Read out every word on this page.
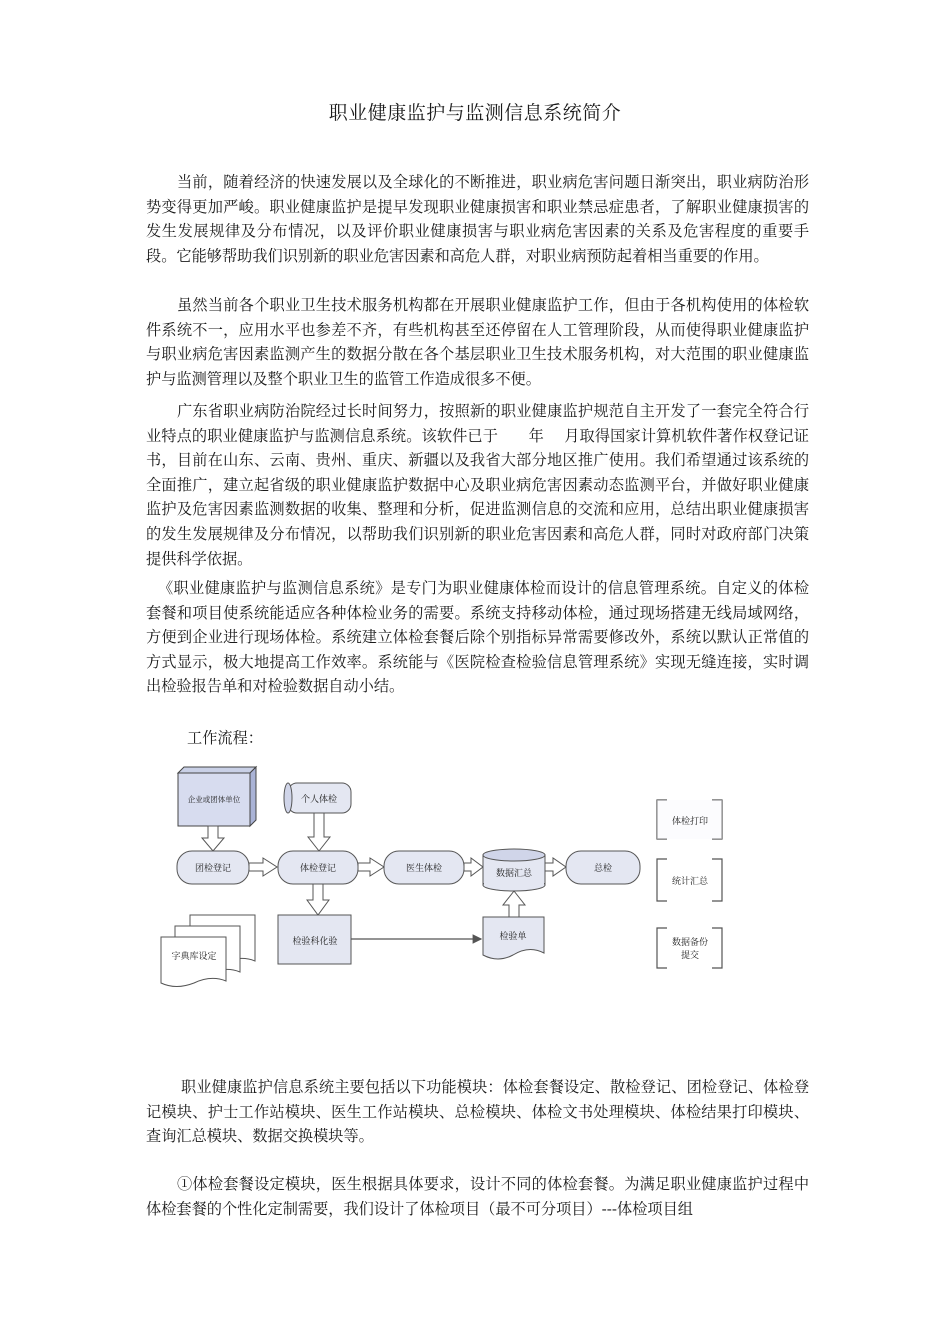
职业健康监护与监测信息系统简介

当前，随着经济的快速发展以及全球化的不断推进，职业病危害问题日渐突出，职业病防治形势变得更加严峻。职业健康监护是提早发现职业健康损害和职业禁忌症患者，了解职业健康损害的发生发展规律及分布情况，以及评价职业健康损害与职业病危害因素的关系及危害程度的重要手段。它能够帮助我们识别新的职业危害因素和高危人群，对职业病预防起着相当重要的作用。

虽然当前各个职业卫生技术服务机构都在开展职业健康监护工作，但由于各机构使用的体检软件系统不一，应用水平也参差不齐，有些机构甚至还停留在人工管理阶段，从而使得职业健康监护与职业病危害因素监测产生的数据分散在各个基层职业卫生技术服务机构，对大范围的职业健康监护与监测管理以及整个职业卫生的监管工作造成很多不便。

广东省职业病防治院经过长时间努力，按照新的职业健康监护规范自主开发了一套完全符合行业特点的职业健康监护与监测信息系统。该软件已于　　年　 月取得国家计算机软件著作权登记证书，目前在山东、云南、贵州、重庆、新疆以及我省大部分地区推广使用。我们希望通过该系统的全面推广，建立起省级的职业健康监护数据中心及职业病危害因素动态监测平台，并做好职业健康监护及危害因素监测数据的收集、整理和分析，促进监测信息的交流和应用，总结出职业健康损害的发生发展规律及分布情况，以帮助我们识别新的职业危害因素和高危人群，同时对政府部门决策提供科学依据。

《职业健康监护与监测信息系统》是专门为职业健康体检而设计的信息管理系统。自定义的体检套餐和项目使系统能适应各种体检业务的需要。系统支持移动体检，通过现场搭建无线局域网络，方便到企业进行现场体检。系统建立体检套餐后除个别指标异常需要修改外，系统以默认正常值的方式显示，极大地提高工作效率。系统能与《医院检查检验信息管理系统》实现无缝连接，实时调出检验报告单和对检验数据自动小结。

工作流程：
企业或团体单位	个人体检
团检登记	体检登记	医生体检	数据汇总	总检
检验科化验	检验单
字典库设定
体检打印
统计汇总
数据备份
提交

职业健康监护信息系统主要包括以下功能模块：体检套餐设定、散检登记、团检登记、体检登记模块、护士工作站模块、医生工作站模块、总检模块、体检文书处理模块、体检结果打印模块、查询汇总模块、数据交换模块等。

①体检套餐设定模块，医生根据具体要求，设计不同的体检套餐。为满足职业健康监护过程中体检套餐的个性化定制需要，我们设计了体检项目（最不可分项目）---体检项目组
